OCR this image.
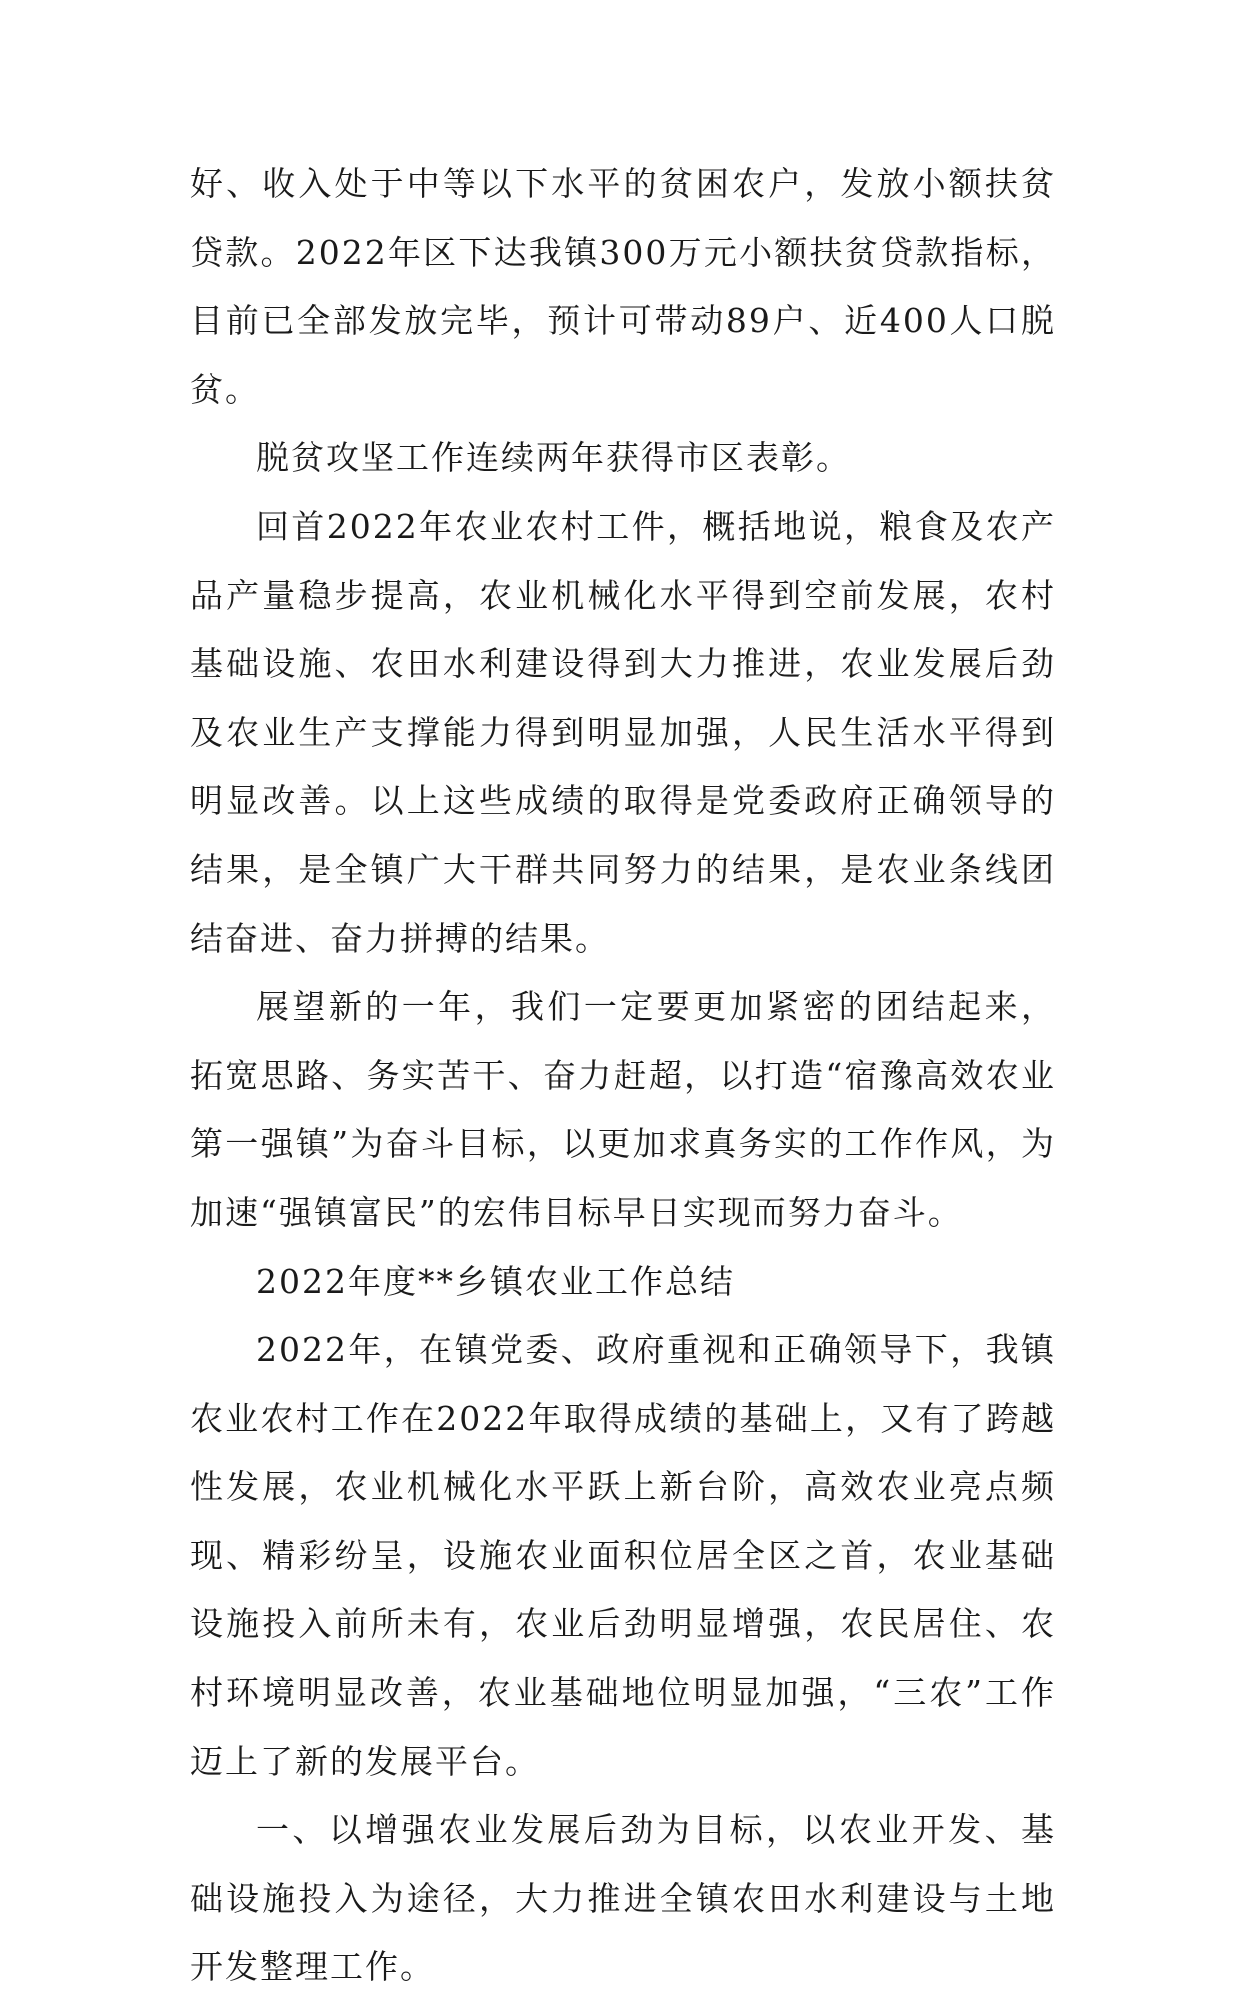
好、收入处于中等以下水平的贫困农户，发放小额扶贫贷款。2022年区下达我镇300万元小额扶贫贷款指标，目前已全部发放完毕，预计可带动89户、近400人口脱贫。

脱贫攻坚工作连续两年获得市区表彰。

回首2022年农业农村工件，概括地说，粮食及农产品产量稳步提高，农业机械化水平得到空前发展，农村基础设施、农田水利建设得到大力推进，农业发展后劲及农业生产支撑能力得到明显加强，人民生活水平得到明显改善。以上这些成绩的取得是党委政府正确领导的结果，是全镇广大干群共同努力的结果，是农业条线团结奋进、奋力拼搏的结果。

展望新的一年，我们一定要更加紧密的团结起来，拓宽思路、务实苦干、奋力赶超，以打造“宿豫高效农业第一强镇”为奋斗目标，以更加求真务实的工作作风，为加速“强镇富民”的宏伟目标早日实现而努力奋斗。

2022年度**乡镇农业工作总结

2022年，在镇党委、政府重视和正确领导下，我镇农业农村工作在2022年取得成绩的基础上，又有了跨越性发展，农业机械化水平跃上新台阶，高效农业亮点频现、精彩纷呈，设施农业面积位居全区之首，农业基础设施投入前所未有，农业后劲明显增强，农民居住、农村环境明显改善，农业基础地位明显加强，“三农”工作迈上了新的发展平台。

一、以增强农业发展后劲为目标，以农业开发、基础设施投入为途径，大力推进全镇农田水利建设与土地开发整理工作。
